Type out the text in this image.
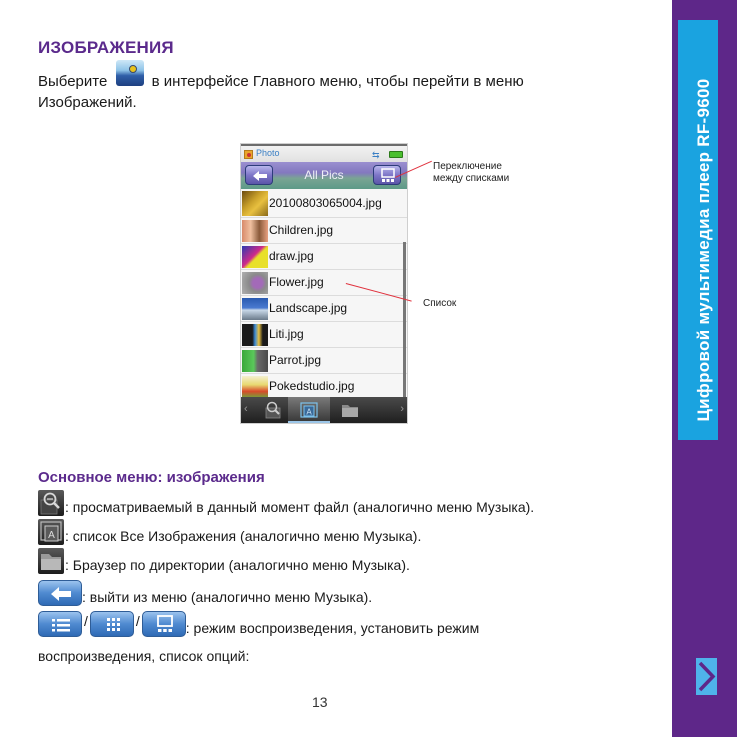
ИЗОБРАЖЕНИЯ
Выберите	в интерфейсе Главного меню, чтобы перейти в меню Изображений.
Photo	⇆
All Pics
20100803065004.jpg
Children.jpg
draw.jpg
Flower.jpg
Landscape.jpg
Liti.jpg
Parrot.jpg
Pokedstudio.jpg
‹	A	›
Переключение между списками
Список
Основное меню: изображения
: просматриваемый в данный момент файл (аналогично меню Музыка).
A : список Все Изображения (аналогично меню Музыка).
: Браузер по директории (аналогично меню Музыка).
: выйти из меню (аналогично меню Музыка).
/	/	: режим воспроизведения, установить режим
воспроизведения, список опций:
13
Цифровой мультимедиа плеер RF-9600
